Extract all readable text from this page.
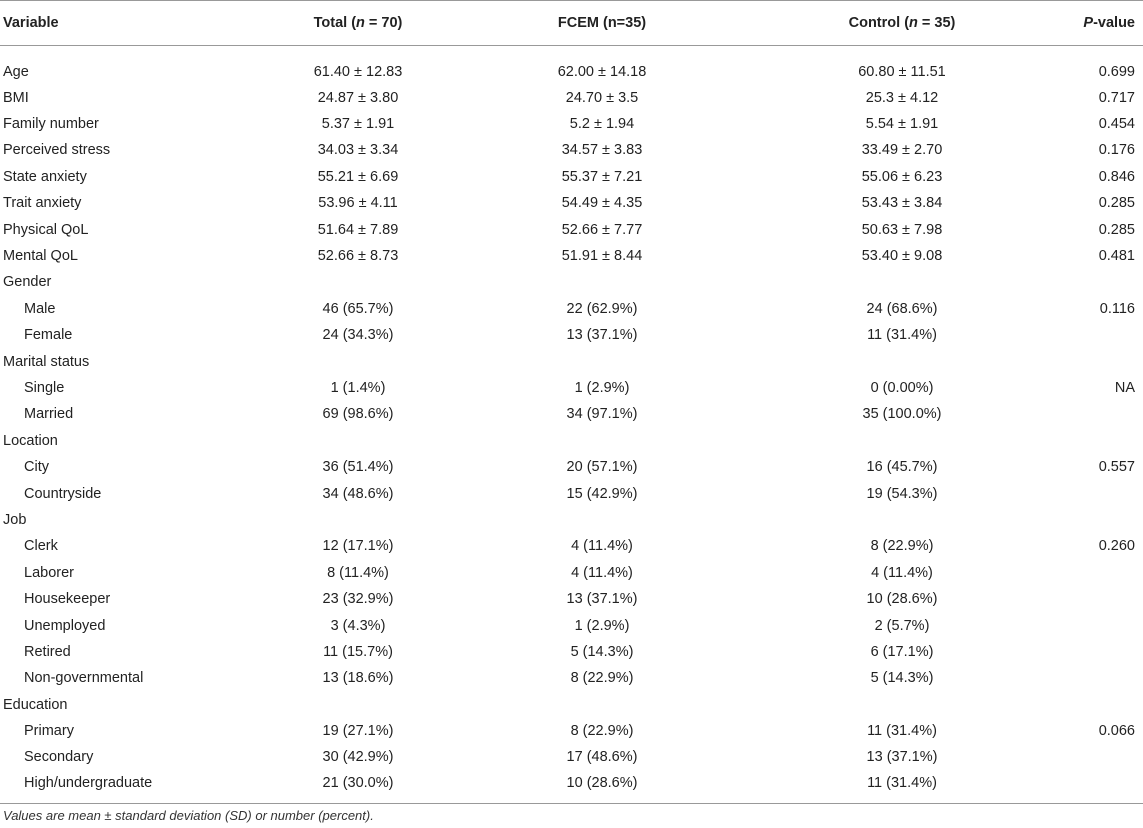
Variable	Total (n = 70)	FCEM (n=35)	Control (n = 35)	P-value
Age	61.40 ± 12.83	62.00 ± 14.18	60.80 ± 11.51	0.699
BMI	24.87 ± 3.80	24.70 ± 3.5	25.3 ± 4.12	0.717
Family number	5.37 ± 1.91	5.2 ± 1.94	5.54 ± 1.91	0.454
Perceived stress	34.03 ± 3.34	34.57 ± 3.83	33.49 ± 2.70	0.176
State anxiety	55.21 ± 6.69	55.37 ± 7.21	55.06 ± 6.23	0.846
Trait anxiety	53.96 ± 4.11	54.49 ± 4.35	53.43 ± 3.84	0.285
Physical QoL	51.64 ± 7.89	52.66 ± 7.77	50.63 ± 7.98	0.285
Mental QoL	52.66 ± 8.73	51.91 ± 8.44	53.40 ± 9.08	0.481
Gender				
Male	46 (65.7%)	22 (62.9%)	24 (68.6%)	0.116
Female	24 (34.3%)	13 (37.1%)	11 (31.4%)	
Marital status				
Single	1 (1.4%)	1 (2.9%)	0 (0.00%)	NA
Married	69 (98.6%)	34 (97.1%)	35 (100.0%)	
Location				
City	36 (51.4%)	20 (57.1%)	16 (45.7%)	0.557
Countryside	34 (48.6%)	15 (42.9%)	19 (54.3%)	
Job				
Clerk	12 (17.1%)	4 (11.4%)	8 (22.9%)	0.260
Laborer	8 (11.4%)	4 (11.4%)	4 (11.4%)	
Housekeeper	23 (32.9%)	13 (37.1%)	10 (28.6%)	
Unemployed	3 (4.3%)	1 (2.9%)	2 (5.7%)	
Retired	11 (15.7%)	5 (14.3%)	6 (17.1%)	
Non-governmental	13 (18.6%)	8 (22.9%)	5 (14.3%)	
Education				
Primary	19 (27.1%)	8 (22.9%)	11 (31.4%)	0.066
Secondary	30 (42.9%)	17 (48.6%)	13 (37.1%)	
High/undergraduate	21 (30.0%)	10 (28.6%)	11 (31.4%)	
Values are mean ± standard deviation (SD) or number (percent).
